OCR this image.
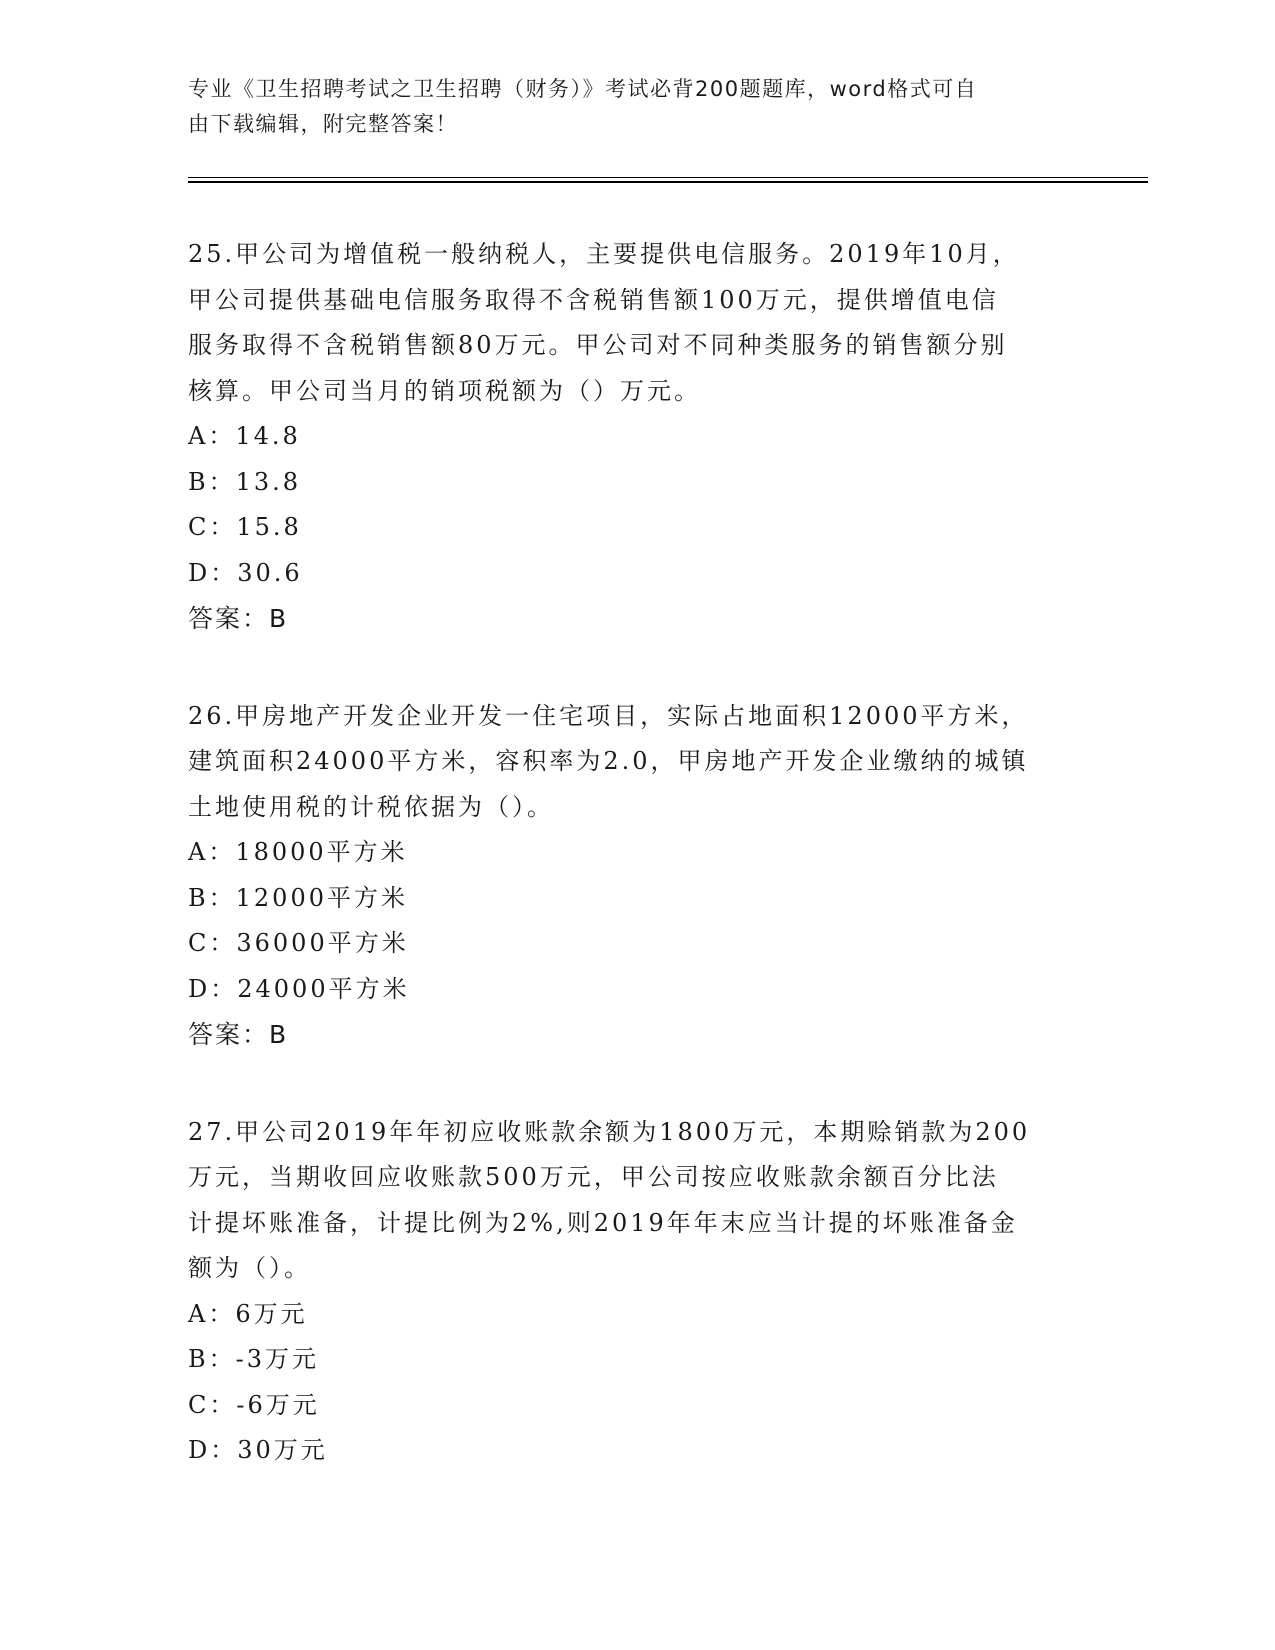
专业《卫生招聘考试之卫生招聘（财务）》考试必背200题题库，word格式可自
由下载编辑，附完整答案！
25.甲公司为增值税一般纳税人，主要提供电信服务。2019年10月，
甲公司提供基础电信服务取得不含税销售额100万元，提供增值电信
服务取得不含税销售额80万元。甲公司对不同种类服务的销售额分别
核算。甲公司当月的销项税额为（）万元。
A：14.8
B：13.8
C：15.8
D：30.6
答案：B
26.甲房地产开发企业开发一住宅项目，实际占地面积12000平方米，
建筑面积24000平方米，容积率为2.0，甲房地产开发企业缴纳的城镇
土地使用税的计税依据为（）。
A：18000平方米
B：12000平方米
C：36000平方米
D：24000平方米
答案：B
27.甲公司2019年年初应收账款余额为1800万元，本期赊销款为200
万元，当期收回应收账款500万元，甲公司按应收账款余额百分比法
计提坏账准备，计提比例为2%,则2019年年末应当计提的坏账准备金
额为（）。
A：6万元
B：-3万元
C：-6万元
D：30万元
